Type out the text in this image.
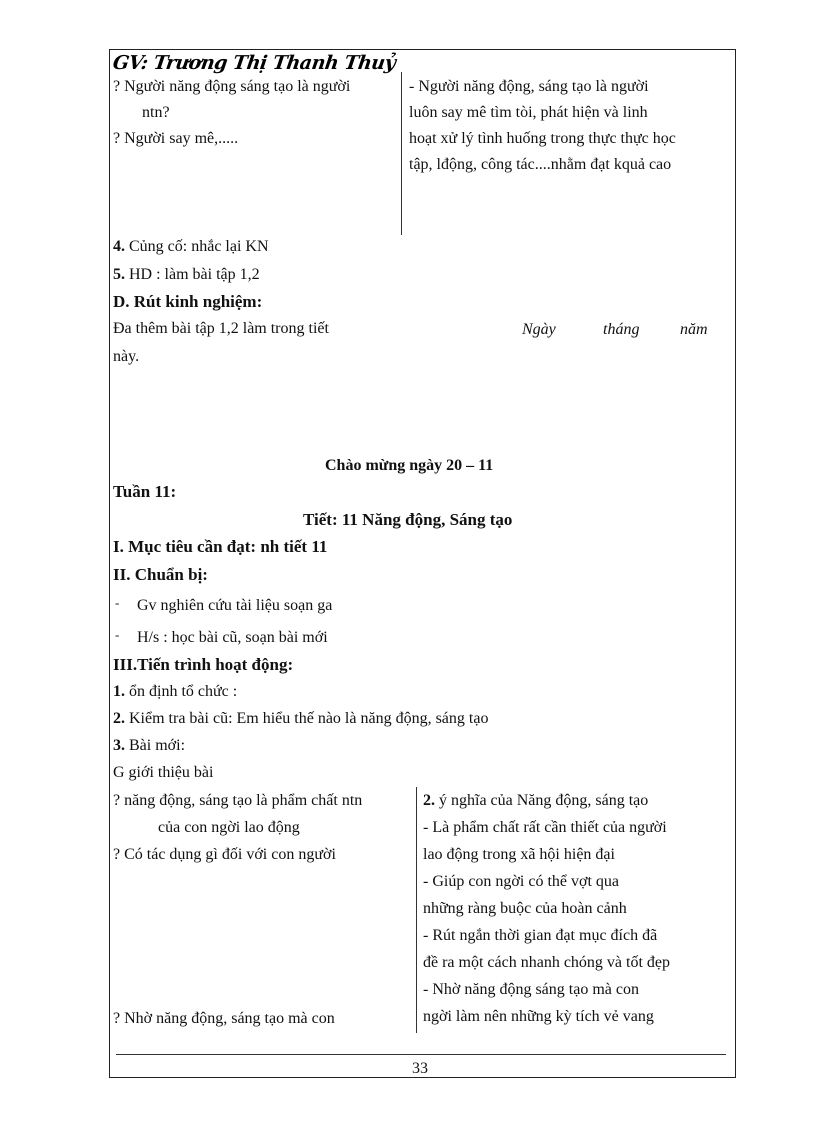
GV: Trương Thị Thanh Thuỷ
? Người năng động sáng tạo là người
ntn?
? Người say mê,.....
- Người năng động, sáng tạo là người
luôn say mê tìm tòi, phát hiện và linh
hoạt xử lý tình huống trong thực thực học
tập, lđộng, công tác....nhằm đạt kquả cao
4. Củng cố: nhắc lại KN
5. HD : làm bài tập 1,2
D. Rút kinh nghiệm:
Đa thêm bài tập 1,2 làm trong tiết
này.
Ngày	tháng	năm
Chào mừng ngày 20 – 11
Tuần 11:
Tiết: 11 Năng động, Sáng tạo
I. Mục tiêu cần đạt: nh tiết 11
II. Chuẩn bị:
- Gv nghiên cứu tài liệu soạn ga
- H/s : học bài cũ, soạn bài mới
III.Tiến trình hoạt động:
1. ổn định tổ chức :
2. Kiểm tra bài cũ: Em hiểu thế nào là năng động, sáng tạo
3. Bài mới:
G giới thiệu bài
? năng động, sáng tạo là phẩm chất ntn
của con ngời lao động
? Có tác dụng gì đối với con người
? Nhờ năng động, sáng tạo mà con
2. ý nghĩa của Năng động, sáng tạo
- Là phẩm chất rất cần thiết của người
lao động trong xã hội hiện đại
- Giúp con ngời có thể vợt qua
những ràng buộc của hoàn cảnh
- Rút ngắn thời gian đạt mục đích đã
đề ra một cách nhanh chóng và tốt đẹp
- Nhờ năng động sáng tạo mà con
ngời làm nên những kỳ tích vẻ vang
33
